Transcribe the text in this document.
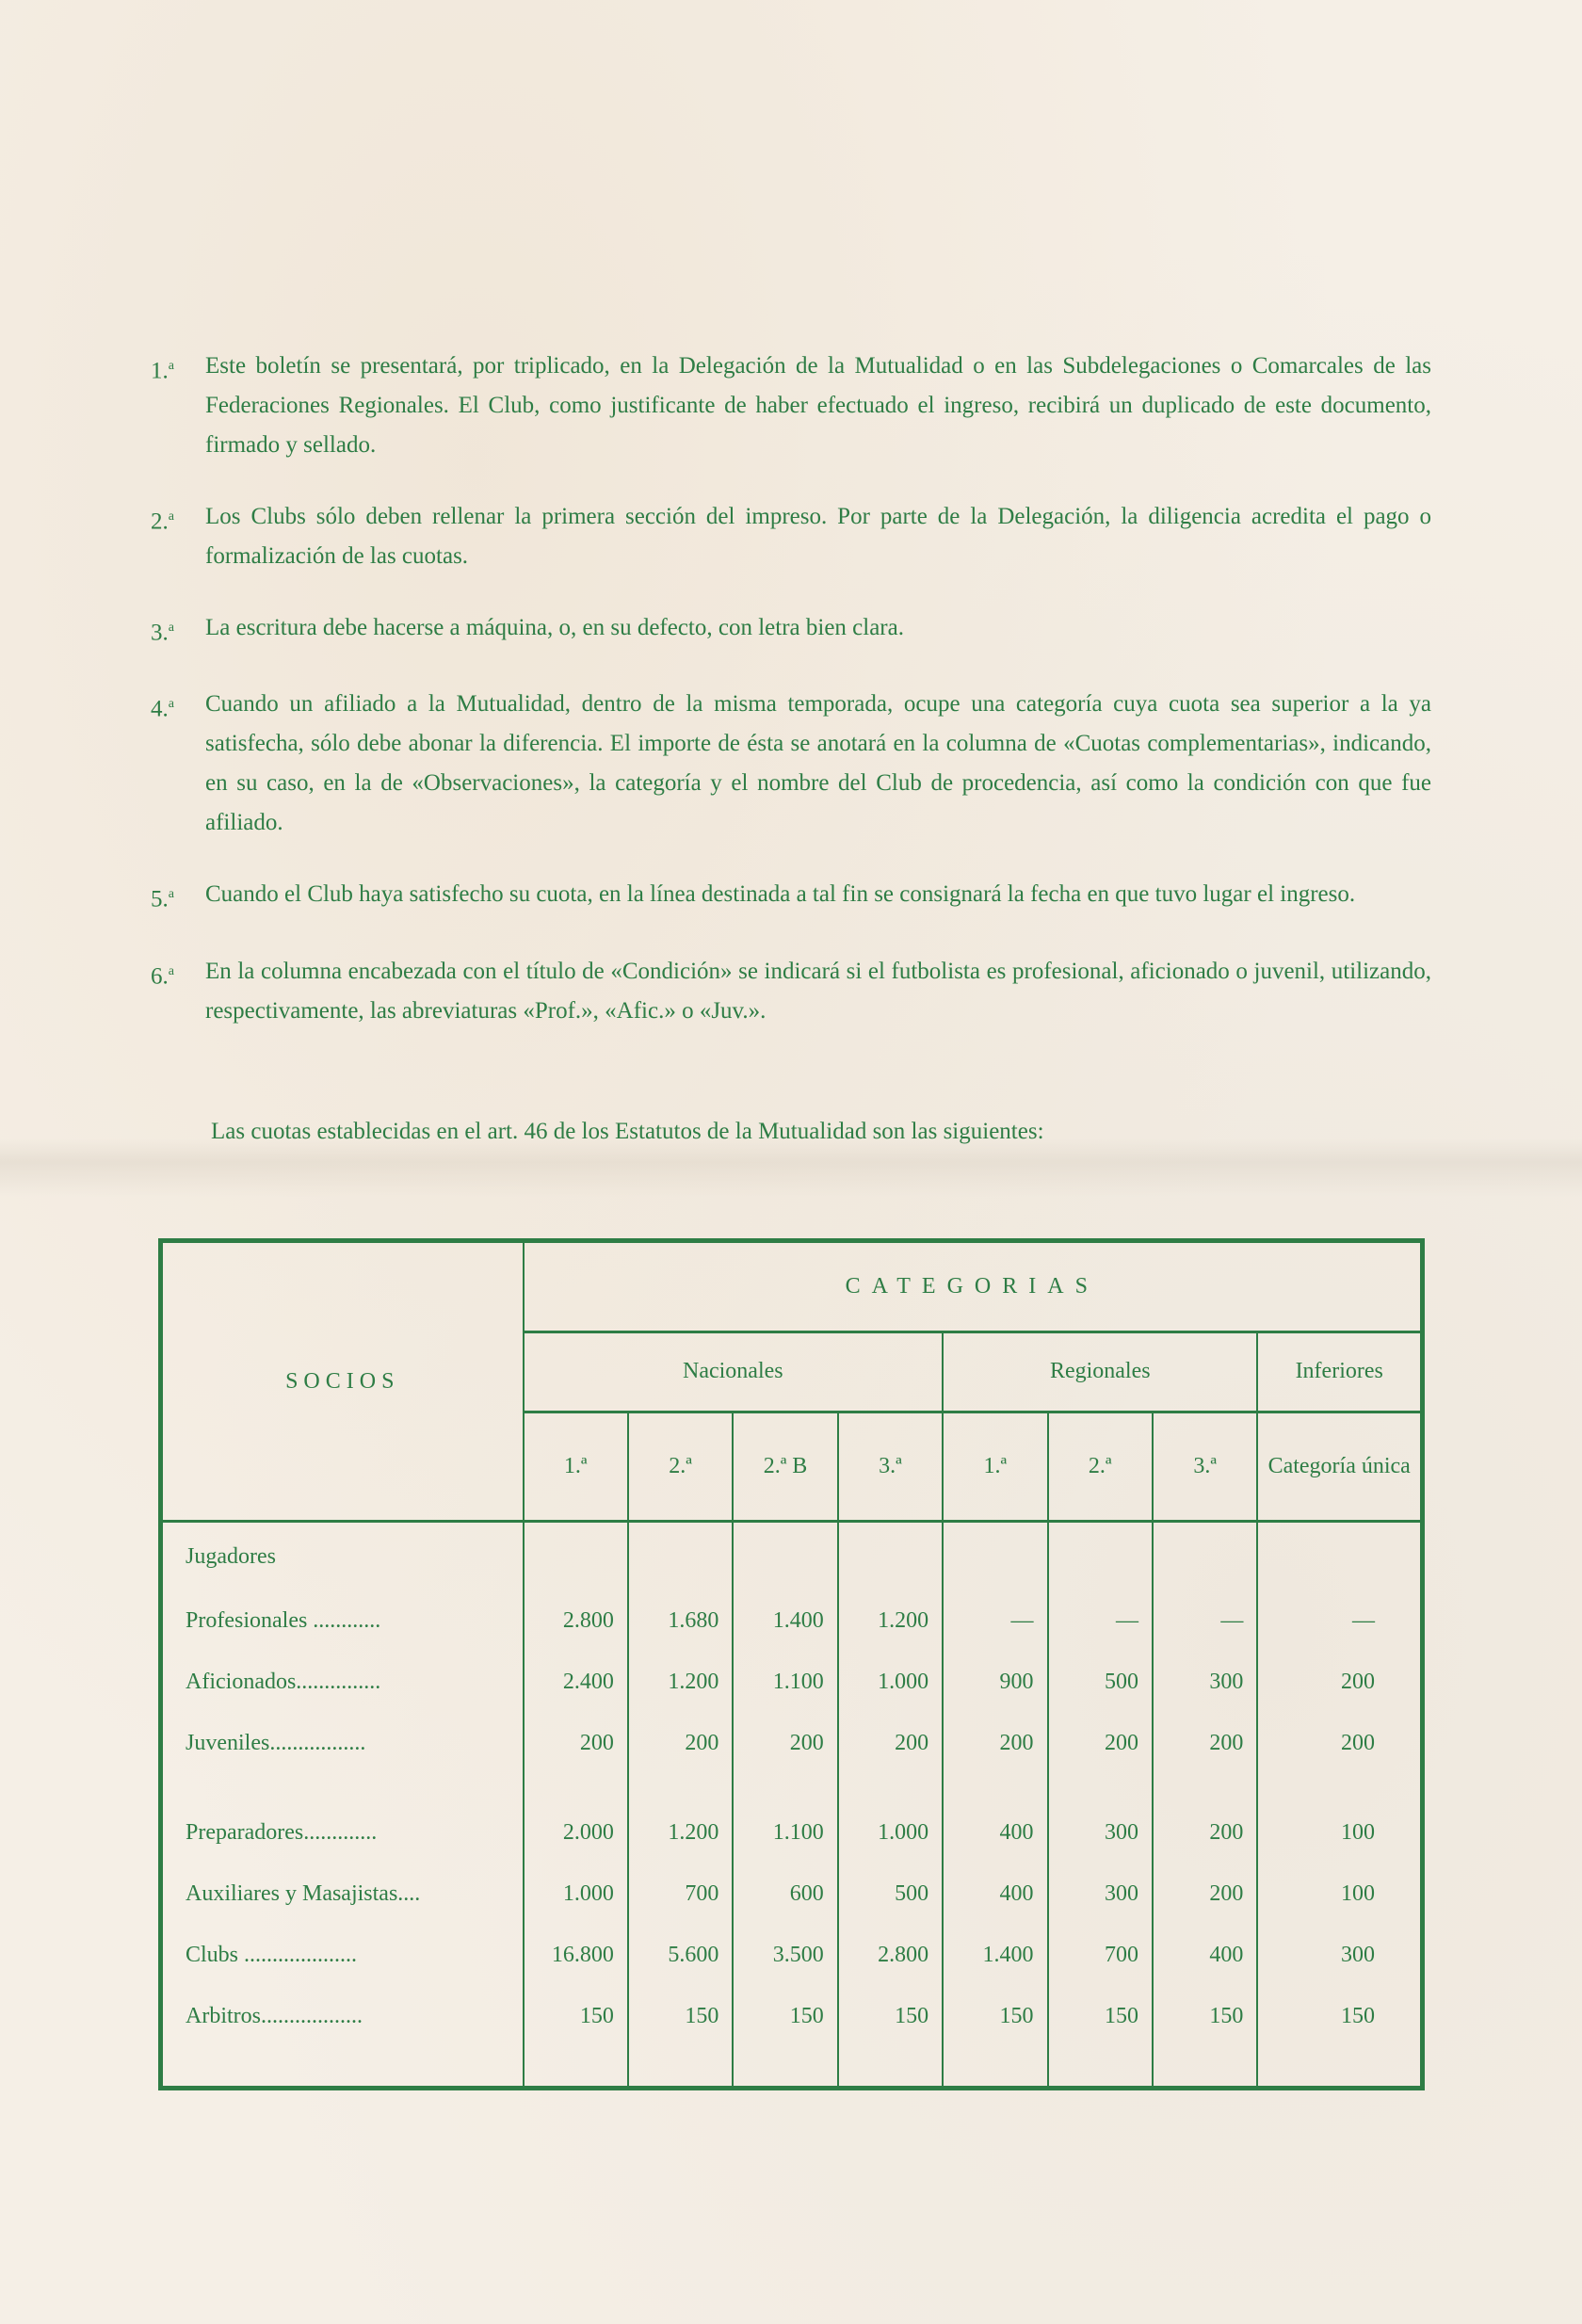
1.$^a$	Este boletín se presentará, por triplicado, en la Delegación de la Mutualidad o en las Subdelegaciones o Comarcales de las Federaciones Regionales. El Club, como justificante de haber efectuado el ingreso, recibirá un duplicado de este documento, firmado y sellado.
2.$^a$	Los Clubs sólo deben rellenar la primera sección del impreso. Por parte de la Delegación, la diligencia acredita el pago o formalización de las cuotas.
3.$^a$	La escritura debe hacerse a máquina, o, en su defecto, con letra bien clara.
4.$^a$	Cuando un afiliado a la Mutualidad, dentro de la misma temporada, ocupe una categoría cuya cuota sea superior a la ya satisfecha, sólo debe abonar la diferencia. El importe de ésta se anotará en la columna de «Cuotas complementarias», indicando, en su caso, en la de «Observaciones», la categoría y el nombre del Club de procedencia, así como la condición con que fue afiliado.
5.$^a$	Cuando el Club haya satisfecho su cuota, en la línea destinada a tal fin se consignará la fecha en que tuvo lugar el ingreso.
6.$^a$	En la columna encabezada con el título de «Condición» se indicará si el futbolista es profesional, aficionado o juvenil, utilizando, respectivamente, las abreviaturas «Prof.», «Afic.» o «Juv.».
Las cuotas establecidas en el art. 46 de los Estatutos de la Mutualidad son las siguientes:
SOCIOS	CATEGORIAS							
	Nacionales				Regionales			Inferiores
	1.ª	2.ª	2.ª B	3.ª	1.ª	2.ª	3.ª	Categoría única
Jugadores								
Profesionales ............	2.800	1.680	1.400	1.200	—	—	—	—
Aficionados...............	2.400	1.200	1.100	1.000	900	500	300	200
Juveniles.................	200	200	200	200	200	200	200	200

Preparadores.............	2.000	1.200	1.100	1.000	400	300	200	100
Auxiliares y Masajistas....	1.000	700	600	500	400	300	200	100
Clubs ....................	16.800	5.600	3.500	2.800	1.400	700	400	300
Arbitros..................	150	150	150	150	150	150	150	150
